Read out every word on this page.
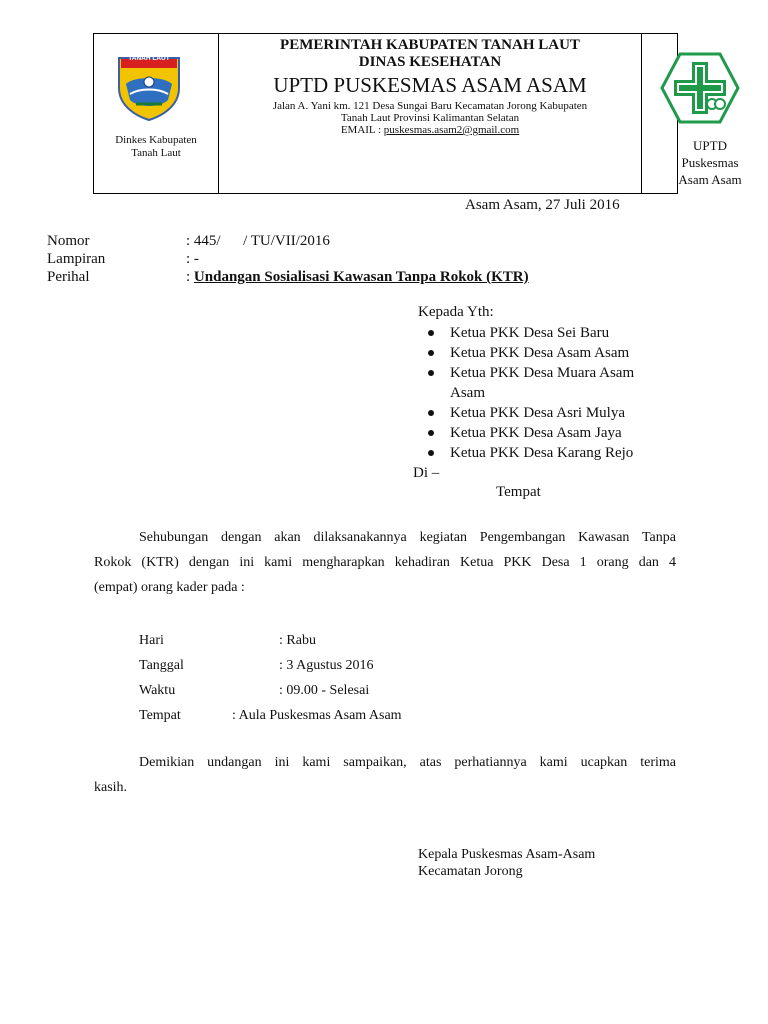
TANAH LAUT
Dinkes Kabupaten
Tanah Laut
PEMERINTAH KABUPATEN TANAH LAUT
DINAS KESEHATAN
UPTD PUSKESMAS ASAM ASAM
Jalan A. Yani km. 121 Desa Sungai Baru Kecamatan Jorong Kabupaten
Tanah Laut Provinsi Kalimantan Selatan
EMAIL : puskesmas.asam2@gmail.com
UPTD
Puskesmas
Asam Asam
Asam Asam, 27 Juli 2016
Nomor	: 445/      / TU/VII/2016
Lampiran	: -
Perihal	: Undangan Sosialisasi Kawasan Tanpa Rokok (KTR)
Kepada Yth:
Ketua PKK Desa Sei Baru
Ketua PKK Desa Asam Asam
Ketua PKK Desa Muara Asam
Asam
Ketua PKK Desa Asri Mulya
Ketua PKK Desa Asam Jaya
Ketua PKK Desa Karang Rejo
Di –
Tempat
Sehubungan dengan akan dilaksanakannya kegiatan Pengembangan Kawasan Tanpa
Rokok (KTR) dengan ini kami mengharapkan kehadiran Ketua PKK Desa 1 orang dan 4
(empat) orang kader pada :
Hari	: Rabu
Tanggal	: 3 Agustus 2016
Waktu	: 09.00 - Selesai
Tempat	: Aula Puskesmas Asam Asam
Demikian undangan ini kami sampaikan, atas perhatiannya kami ucapkan terima
kasih.
Kepala Puskesmas Asam-Asam
Kecamatan Jorong
